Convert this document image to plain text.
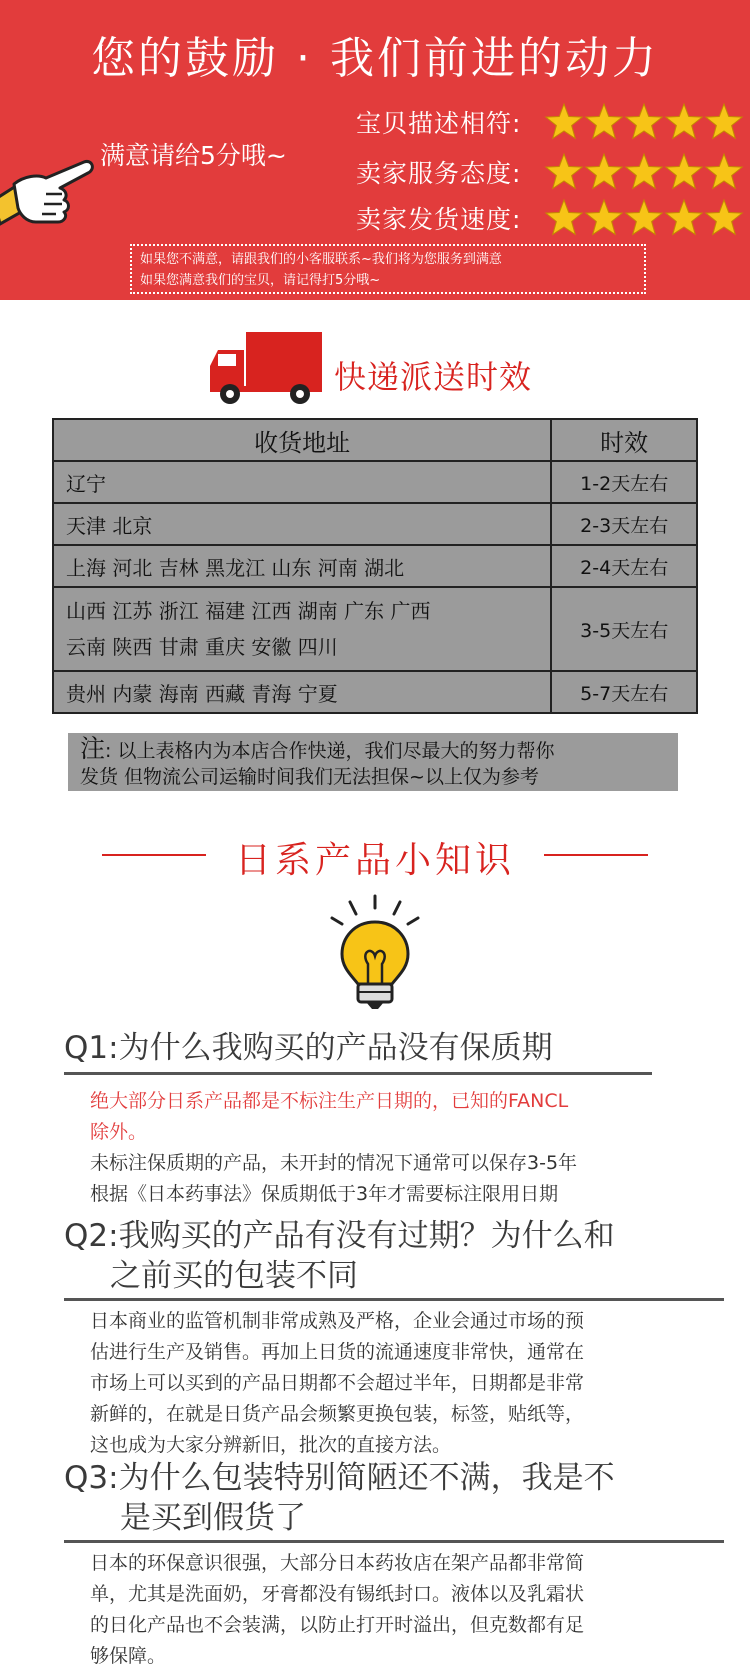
您的鼓励 · 我们前进的动力
满意请给5分哦~
宝贝描述相符:
卖家服务态度:
卖家发货速度:
如果您不满意，请跟我们的小客服联系~我们将为您服务到满意
如果您满意我们的宝贝，请记得打5分哦~
快递派送时效
收货地址	时效
辽宁	1-2天左右
天津 北京	2-3天左右
上海 河北 吉林 黑龙江 山东 河南 湖北	2-4天左右

山西 江苏 浙江 福建 江西 湖南 广东 广西
云南 陕西 甘肃 重庆 安徽 四川	3-5天左右
贵州 内蒙 海南 西藏 青海 宁夏	5-7天左右
注: 以上表格内为本店合作快递，我们尽最大的努力帮你
发货 但物流公司运输时间我们无法担保~以上仅为参考
日系产品小知识
Q1:为什么我购买的产品没有保质期
绝大部分日系产品都是不标注生产日期的，已知的FANCL
除外。
未标注保质期的产品，未开封的情况下通常可以保存3-5年
根据《日本药事法》保质期低于3年才需要标注限用日期
Q2:我购买的产品有没有过期？为什么和
之前买的包装不同
日本商业的监管机制非常成熟及严格，企业会通过市场的预
估进行生产及销售。再加上日货的流通速度非常快，通常在
市场上可以买到的产品日期都不会超过半年，日期都是非常
新鲜的，在就是日货产品会频繁更换包装，标签，贴纸等，
这也成为大家分辨新旧，批次的直接方法。
Q3:为什么包装特别简陋还不满，我是不
是买到假货了
日本的环保意识很强，大部分日本药妆店在架产品都非常简
单，尤其是洗面奶，牙膏都没有锡纸封口。液体以及乳霜状
的日化产品也不会装满，以防止打开时溢出，但克数都有足
够保障。
